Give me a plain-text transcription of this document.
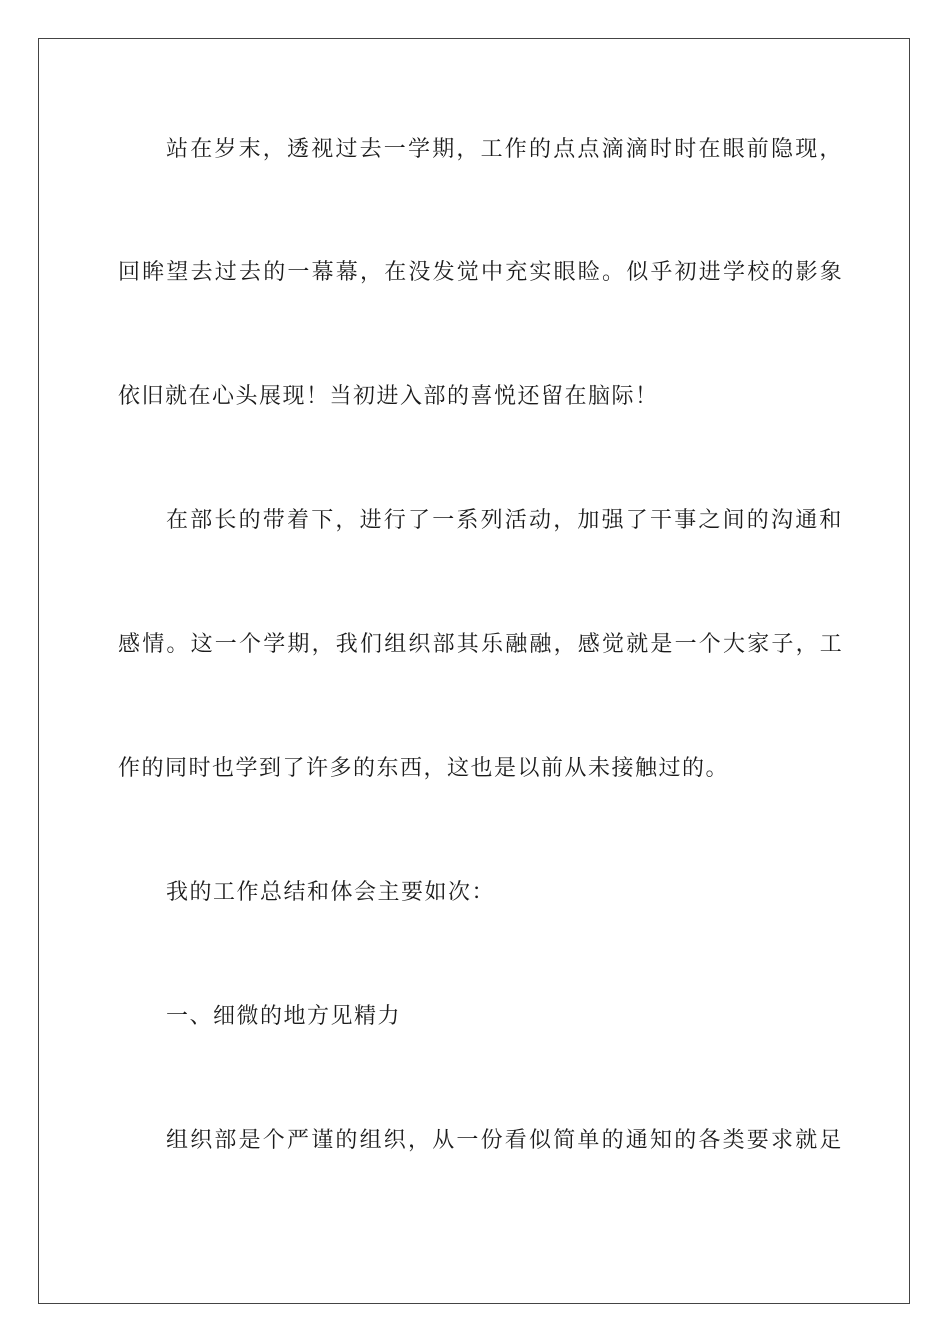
站在岁末，透视过去一学期，工作的点点滴滴时时在眼前隐现，
回眸望去过去的一幕幕，在没发觉中充实眼睑。似乎初进学校的影象
依旧就在心头展现！当初进入部的喜悦还留在脑际！
在部长的带着下，进行了一系列活动，加强了干事之间的沟通和
感情。这一个学期，我们组织部其乐融融，感觉就是一个大家子，工
作的同时也学到了许多的东西，这也是以前从未接触过的。
我的工作总结和体会主要如次：
一、细微的地方见精力
组织部是个严谨的组织，从一份看似简单的通知的各类要求就足
